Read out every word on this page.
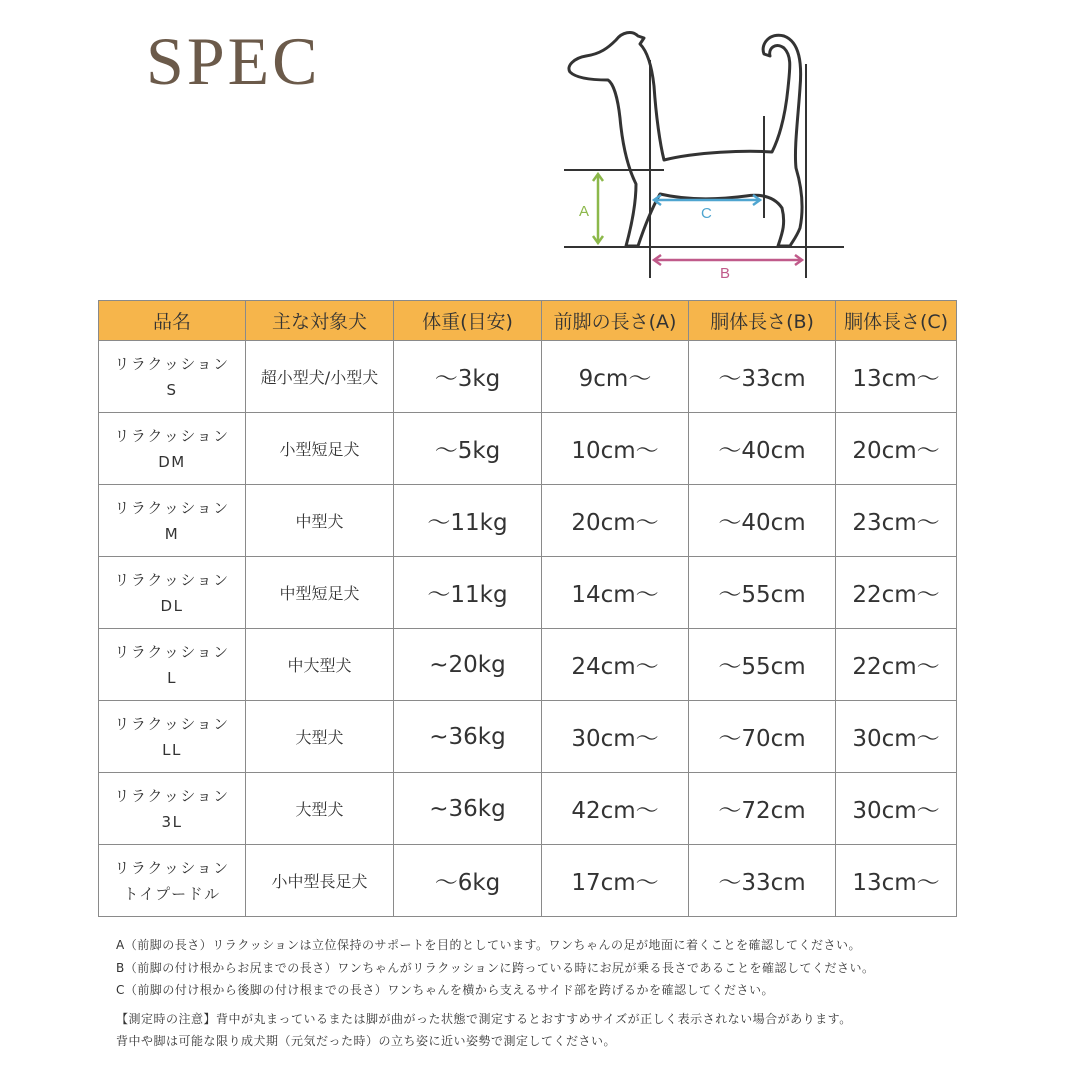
SPEC
A	C
B
品名	主な対象犬	体重(目安)	前脚の長さ(A)	胴体長さ(B)	胴体長さ(C)

リラクッション
S	超小型犬/小型犬	～3kg	9cm～	～33cm	13cm～

リラクッション
DM	小型短足犬	～5kg	10cm～	～40cm	20cm～

リラクッション
M	中型犬	～11kg	20cm～	～40cm	23cm～

リラクッション
DL	中型短足犬	～11kg	14cm～	～55cm	22cm～

リラクッション
L	中大型犬	~20kg	24cm～	～55cm	22cm～

リラクッション
LL	大型犬	~36kg	30cm～	～70cm	30cm～

リラクッション
3L	大型犬	~36kg	42cm～	～72cm	30cm～

リラクッション
トイプードル	小中型長足犬	～6kg	17cm～	～33cm	13cm～

A（前脚の長さ）リラクッションは立位保持のサポートを目的としています。ワンちゃんの足が地面に着くことを確認してください。

B（前脚の付け根からお尻までの長さ）ワンちゃんがリラクッションに跨っている時にお尻が乗る長さであることを確認してください。

C（前脚の付け根から後脚の付け根までの長さ）ワンちゃんを横から支えるサイド部を跨げるかを確認してください。

【測定時の注意】背中が丸まっているまたは脚が曲がった状態で測定するとおすすめサイズが正しく表示されない場合があります。

背中や脚は可能な限り成犬期（元気だった時）の立ち姿に近い姿勢で測定してください。
